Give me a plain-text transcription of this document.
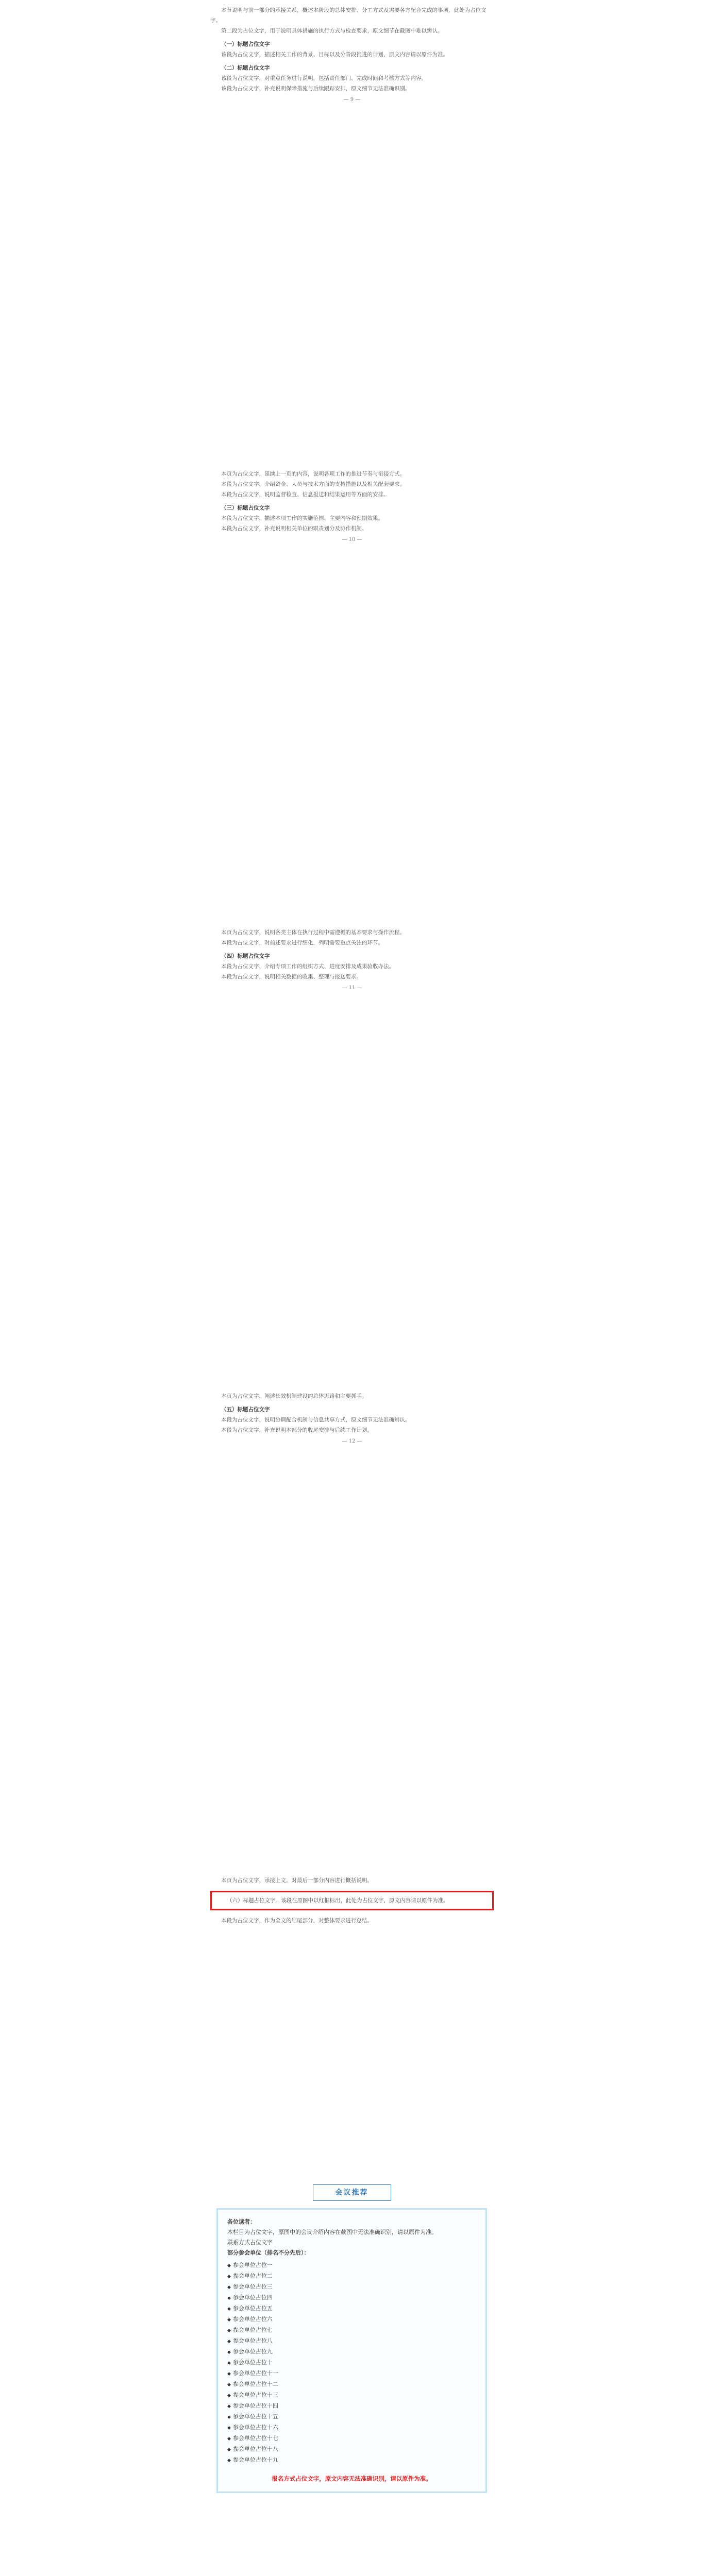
本节说明与前一部分的承接关系，概述本阶段的总体安排、分工方式及需要各方配合完成的事项，此处为占位文字。

第二段为占位文字，用于说明具体措施的执行方式与检查要求，原文细节在截图中难以辨认。

（一）标题占位文字

该段为占位文字，描述相关工作的背景、目标以及分阶段推进的计划，原文内容请以原件为准。

（二）标题占位文字

该段为占位文字，对重点任务进行说明，包括责任部门、完成时间和考核方式等内容。

该段为占位文字，补充说明保障措施与后续跟踪安排，原文细节无法准确识别。

— 9 —

本页为占位文字，延续上一页的内容，说明各项工作的推进节奏与衔接方式。

本段为占位文字，介绍资金、人员与技术方面的支持措施以及相关配套要求。

本段为占位文字，说明监督检查、信息报送和结果运用等方面的安排。

（三）标题占位文字

本段为占位文字，描述本项工作的实施范围、主要内容和预期效果。

本段为占位文字，补充说明相关单位的职责划分及协作机制。

— 10 —

本页为占位文字，说明各类主体在执行过程中需遵循的基本要求与操作流程。

本段为占位文字，对前述要求进行细化，列明需要重点关注的环节。

（四）标题占位文字

本段为占位文字，介绍专项工作的组织方式、进度安排及成果验收办法。

本段为占位文字，说明相关数据的收集、整理与报送要求。

— 11 —

本页为占位文字，阐述长效机制建设的总体思路和主要抓手。

（五）标题占位文字

本段为占位文字，说明协调配合机制与信息共享方式，原文细节无法准确辨认。

本段为占位文字，补充说明本部分的收尾安排与后续工作计划。

— 12 —

本页为占位文字，承接上文，对最后一部分内容进行概括说明。

（六）标题占位文字。该段在原图中以红框标出，此处为占位文字，原文内容请以原件为准。

本段为占位文字，作为全文的结尾部分，对整体要求进行总结。

会议推荐

各位读者：

本栏目为占位文字，原图中的会议介绍内容在截图中无法准确识别，请以原件为准。

联系方式占位文字

部分参会单位（排名不分先后）：

◆ 参会单位占位一
◆ 参会单位占位二
◆ 参会单位占位三
◆ 参会单位占位四
◆ 参会单位占位五
◆ 参会单位占位六
◆ 参会单位占位七
◆ 参会单位占位八
◆ 参会单位占位九
◆ 参会单位占位十
◆ 参会单位占位十一
◆ 参会单位占位十二
◆ 参会单位占位十三
◆ 参会单位占位十四
◆ 参会单位占位十五
◆ 参会单位占位十六
◆ 参会单位占位十七
◆ 参会单位占位十八
◆ 参会单位占位十九
报名方式占位文字，原文内容无法准确识别，请以原件为准。
